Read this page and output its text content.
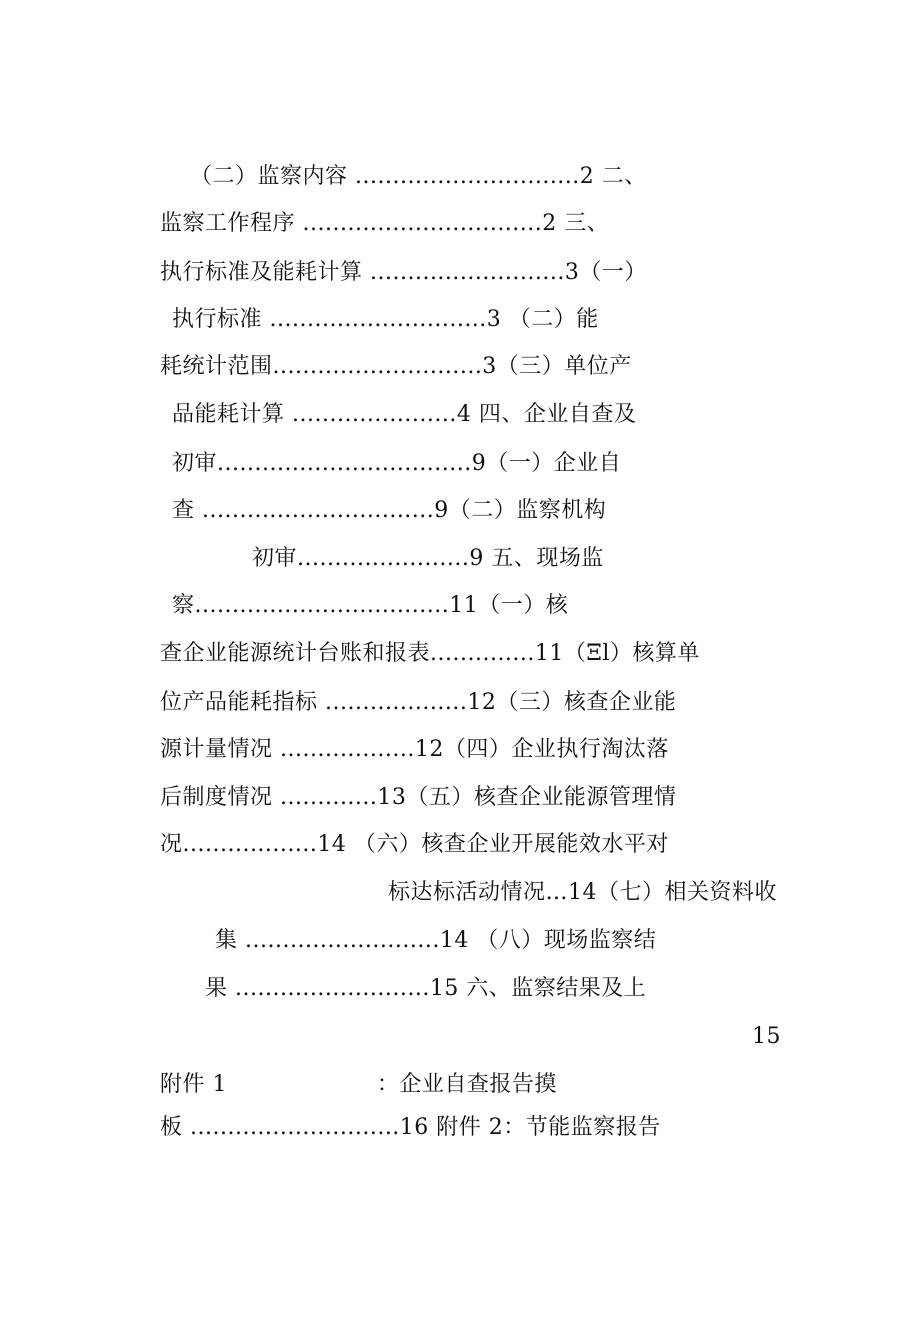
（二）监察内容 ..............................2 二、
监察工作程序 ................................2 三、
执行标准及能耗计算 ..........................3（一）
执行标准 .............................3 （二）能
耗统计范围............................3（三）单位产
品能耗计算 ......................4 四、企业自查及
初审..................................9（一）企业自
查 ...............................9（二）监察机构
初审.......................9 五、现场监
察..................................11（一）核
查企业能源统计台账和报表..............11（Ξl）核算单
位产品能耗指标 ...................12（三）核查企业能
源计量情况 ..................12（四）企业执行淘汰落
后制度情况 .............13（五）核查企业能源管理情
况..................14 （六）核查企业开展能效水平对
标达标活动情况…14（七）相关资料收
集 ..........................14 （八）现场监察结
果 ..........................15 六、监察结果及上
15
附件 1                    ：企业自查报告摸
板 ............................16 附件 2：节能监察报告
